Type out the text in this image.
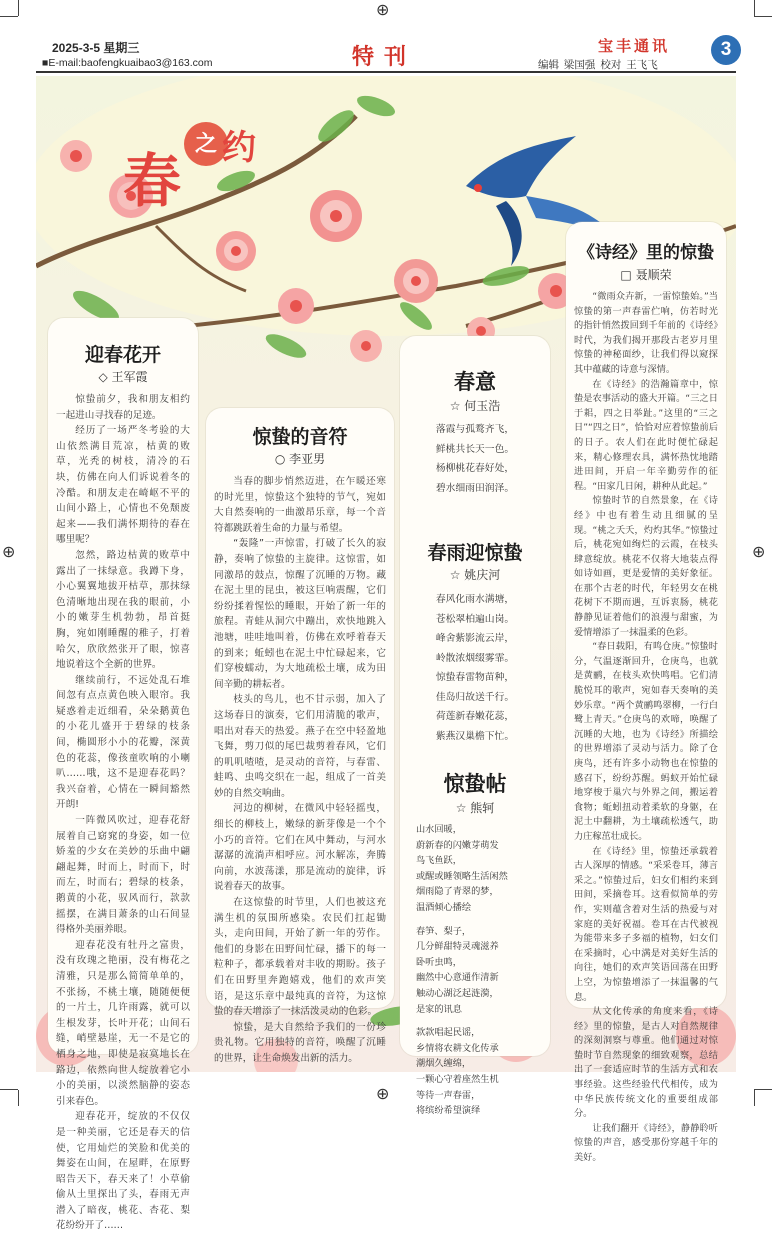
⊕
⊕
⊕	⊕
2025-3-5 星期三
■E-mail:baofengkuaibao3@163.com	特刊	宝丰通讯
编辑 梁国强 校对 王飞飞
3
春
之 约
迎春花开
◇ 王军霞

惊蛰前夕，我和朋友相约一起进山寻找春的足迹。

经历了一场严冬考验的大山依然满目荒凉，枯黄的败草，光秃的树枝，清冷的石块，仿佛在向人们诉说着冬的冷酷。和朋友走在崎岖不平的山间小路上，心情也不免颓废起来——我们满怀期待的春在哪里呢？

忽然，路边枯黄的败草中露出了一抹绿意。我蹲下身，小心翼翼地拔开枯草，那抹绿色清晰地出现在我的眼前，小小的嫩芽生机勃勃，昂首挺胸，宛如刚睡醒的稚子，打着哈欠，欣欣然张开了眼，惊喜地说着这个全新的世界。

继续前行，不远处乱石堆间忽有点点黄色映入眼帘。我疑惑着走近细看，朵朵鹅黄色的小花儿盛开于碧绿的枝条间，椭圆形小小的花瓣，深黄色的花蕊，像孩童吹响的小喇叭……哦，这不是迎春花吗？我兴奋着，心情在一瞬间豁然开朗!

一阵微风吹过，迎春花舒展着自己窈窕的身姿，如一位娇羞的少女在美妙的乐曲中翩翩起舞，时而上，时而下，时而左，时而右；碧绿的枝条，鹅黄的小花，驭风而行，款款摇摆，在满目萧条的山石间显得格外美丽养眼。

迎春花没有牡丹之富贵，没有玫瑰之艳丽，没有梅花之清雅，只是那么简简单单的，不张扬，不桃土壤，随随便便的一片土，几许雨露，就可以生根发芽，长叶开花；山间石缝，峭壁悬崖，无一不是它的栖身之地，即使是寂寞地长在路边，依然向世人绽放着它小小的美丽，以淡然脑静的姿态引来春色。

迎春花开，绽放的不仅仅是一种美丽，它还是春天的信使，它用灿烂的笑脸和优美的舞姿在山间，在屋畔，在原野昭告天下，春天来了！小草偷偷从土里探出了头，春雨无声潜入了暗夜，桃花、杏花、梨花纷纷开了……

惊蛰的音符
○ 李亚男

当春的脚步悄然迈进，在乍暖还寒的时光里，惊蛰这个独特的节气，宛如大自然奏响的一曲激昂乐章，每一个音符都跳跃着生命的力量与希望。

“轰隆”一声惊雷，打破了长久的寂静，奏响了惊蛰的主旋律。这惊雷，如同激昂的鼓点，惊醒了沉睡的万物。藏在泥土里的昆虫，被这巨响震醒，它们纷纷揉着惺忪的睡眼，开始了新一年的旅程。青蛙从洞穴中蹦出，欢快地跳入池塘，哇哇地叫着，仿佛在欢呼着春天的到来；蚯蚓也在泥土中忙碌起来，它们穿梭蠕动，为大地疏松土壤，成为田间辛勤的耕耘者。

枝头的鸟儿，也不甘示弱，加入了这场春日的演奏，它们用清脆的歌声，唱出对春天的热爱。燕子在空中轻盈地飞舞，剪刀似的尾巴裁剪着春风，它们的叽叽喳喳，是灵动的音符，与春雷、蛙鸣、虫鸣交织在一起，组成了一首美妙的自然交响曲。

河边的柳树，在微风中轻轻摇曳，细长的柳枝上，嫩绿的新芽像是一个个小巧的音符。它们在风中舞动，与河水潺潺的流淌声相呼应。河水解冻，奔腾向前，水波荡漾，那是流动的旋律，诉说着春天的故事。

在这惊蛰的时节里，人们也被这充满生机的氛围所感染。农民们扛起锄头，走向田间，开始了新一年的劳作。他们的身影在田野间忙碌，播下的每一粒种子，都承载着对丰收的期盼。孩子们在田野里奔跑嬉戏，他们的欢声笑语，是这乐章中最纯真的音符，为这惊蛰的春天增添了一抹活泼灵动的色彩。

惊蛰，是大自然给予我们的一份珍贵礼物。它用独特的音符，唤醒了沉睡的世界，让生命焕发出新的活力。

春意
☆ 何玉浩
落霞与孤鹜齐飞，
鲜桃共长天一色。
杨柳桃花春好处，
碧水细雨田润泽。
春雨迎惊蛰
☆ 姚庆河
春风化雨水满塘，
苍松翠柏遍山岗。
峰舍紫影流云岸，
岭散浓烟缀雾霏。
惊蛰春雷物苗种，
佳岛归故送千行。
荷莲新春嫩花蕊，
紫燕汉巢檐下忙。
惊蛰帖
☆ 熊轲
山水回暖，
蔚新春的闪嫩芽萌发
鸟飞鱼跃，
或醒或睡领略生活闲然
烟雨隐了青翠的梦，
温酒倾心播绘
春笋、梨子，
几分鲜甜特灵魂滋养
卧听虫鸣，
幽然中心意通作清新
触动心湖泛起涟漪，
是家的讯息
款款唱起民谣，
乡情将农耕文化传承
潮烟久缠绵，
一颗心守着座然生机
等待一声春雷，
将缤纷希望演绎
《诗经》里的惊蛰
□ 聂顺荣

“微雨众卉新，一雷惊蛰始。”当惊蛰的第一声春雷伫响，仿若时光的指针悄然拨回到千年前的《诗经》时代，为我们揭开那段古老岁月里惊蛰的神秘面纱，让我们得以窥探其中蕴藏的诗意与深情。

在《诗经》的浩瀚篇章中，惊蛰是农事活动的盛大开篇。“三之日于耜，四之日举趾。”这里的“三之日”“四之日”，恰恰对应着惊蛰前后的日子。农人们在此时便忙碌起来，精心修理农具，满怀热忱地踏进田间，开启一年辛勤劳作的征程。“田家几日闲，耕种从此起。”

惊蛰时节的自然景象，在《诗经》中也有着生动且细腻的呈现。“桃之夭夭，灼灼其华。”惊蛰过后，桃花宛如绚烂的云霞，在枝头肆意绽放。桃花不仅将大地装点得如诗如画，更是爱情的美好象征。在那个古老的时代，年轻男女在桃花树下不期而遇，互诉衷肠，桃花静静见证着他们的浪漫与甜蜜，为爱情增添了一抹温柔的色彩。

“春日载阳，有鸣仓庚。”惊蛰时分，气温逐渐回升，仓庚鸟，也就是黄鹂，在枝头欢快鸣唱。它们清脆悦耳的歌声，宛如春天奏响的美妙乐章。“两个黄鹂鸣翠柳，一行白鹭上青天。”仓庚鸟的欢啼，唤醒了沉睡的大地，也为《诗经》所描绘的世界增添了灵动与活力。除了仓庚鸟，还有许多小动物也在惊蛰的感召下，纷纷苏醒。蚂蚁开始忙碌地穿梭于巢穴与外界之间，搬运着食物；蚯蚓扭动着柔软的身躯，在泥土中翻耕，为土壤疏松透气，助力庄稼茁壮成长。

在《诗经》里，惊蛰还承载着古人深厚的情感。“采采卷耳，薄言采之。”惊蛰过后，妇女们相约来到田间，采摘卷耳。这看似简单的劳作，实则蕴含着对生活的热爱与对家庭的美好祝福。卷耳在古代被视为能带来多子多福的植物，妇女们在采摘时，心中满是对美好生活的向往，她们的欢声笑语回荡在田野上空，为惊蛰增添了一抹温馨的气息。

从文化传承的角度来看，《诗经》里的惊蛰，是古人对自然规律的深刻洞察与尊重。他们通过对惊蛰时节自然现象的细致观察，总结出了一套适应时节的生活方式和农事经验。这些经验代代相传，成为中华民族传统文化的重要组成部分。

让我们翻开《诗经》，静静聆听惊蛰的声音，感受那份穿越千年的美好。
